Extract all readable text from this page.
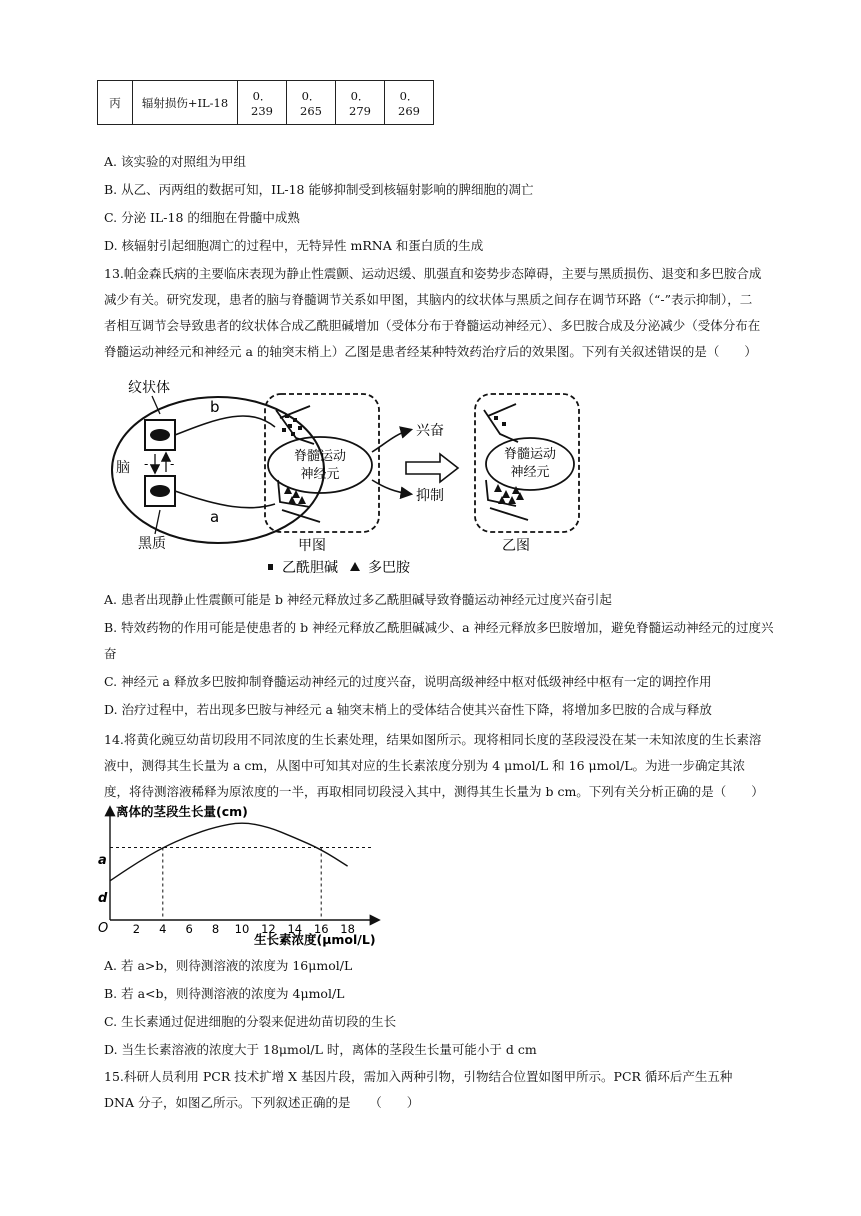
丙	辐射损伤+IL-18	0．239	0．265	0．279	0．269
A. 该实验的对照组为甲组
B. 从乙、丙两组的数据可知，IL-18 能够抑制受到核辐射影响的脾细胞的凋亡
C. 分泌 IL-18 的细胞在骨髓中成熟
D. 核辐射引起细胞凋亡的过程中，无特异性 mRNA 和蛋白质的生成
13.帕金森氏病的主要临床表现为静止性震颤、运动迟缓、肌强直和姿势步态障碍，主要与黑质损伤、退变和多巴胺合成减少有关。研究发现，患者的脑与脊髓调节关系如甲图，其脑内的纹状体与黑质之间存在调节环路（“-”表示抑制），二者相互调节会导致患者的纹状体合成乙酰胆碱增加（受体分布于脊髓运动神经元）、多巴胺合成及分泌减少（受体分布在脊髓运动神经元和神经元 a 的轴突末梢上）乙图是患者经某种特效药治疗后的效果图。下列有关叙述错误的是（　　）
纹状体
- -
脑
黑质
b
a
脊髓运动
神经元
兴奋
抑制
脊髓运动
神经元
甲图	乙图
乙酰胆碱 多巴胺
A. 患者出现静止性震颤可能是 b 神经元释放过多乙酰胆碱导致脊髓运动神经元过度兴奋引起
B. 特效药物的作用可能是使患者的 b 神经元释放乙酰胆碱减少、a 神经元释放多巴胺增加，避免脊髓运动神经元的过度兴
奋
C. 神经元 a 释放多巴胺抑制脊髓运动神经元的过度兴奋，说明高级神经中枢对低级神经中枢有一定的调控作用
D. 治疗过程中，若出现多巴胺与神经元 a 轴突末梢上的受体结合使其兴奋性下降，将增加多巴胺的合成与释放
14.将黄化豌豆幼苗切段用不同浓度的生长素处理，结果如图所示。现将相同长度的茎段浸没在某一未知浓度的生长素溶液中，测得其生长量为 a cm，从图中可知其对应的生长素浓度分别为 4 μmol/L 和 16 μmol/L。为进一步确定其浓度，将待测溶液稀释为原浓度的一半，再取相同切段浸入其中，测得其生长量为 b cm。下列有关分析正确的是（　　）
离体的茎段生长量(cm)
生长素浓度(μmol/L)
O
a
d
2 4 6 8 10 12 14 16 18
A. 若 a>b，则待测溶液的浓度为 16μmol/L
B. 若 a<b，则待测溶液的浓度为 4μmol/L
C. 生长素通过促进细胞的分裂来促进幼苗切段的生长
D. 当生长素溶液的浓度大于 18μmol/L 时，离体的茎段生长量可能小于 d cm
15.科研人员利用 PCR 技术扩增 X 基因片段，需加入两种引物，引物结合位置如图甲所示。PCR 循环后产生五种 DNA 分子，如图乙所示。下列叙述正确的是　　（　　）
